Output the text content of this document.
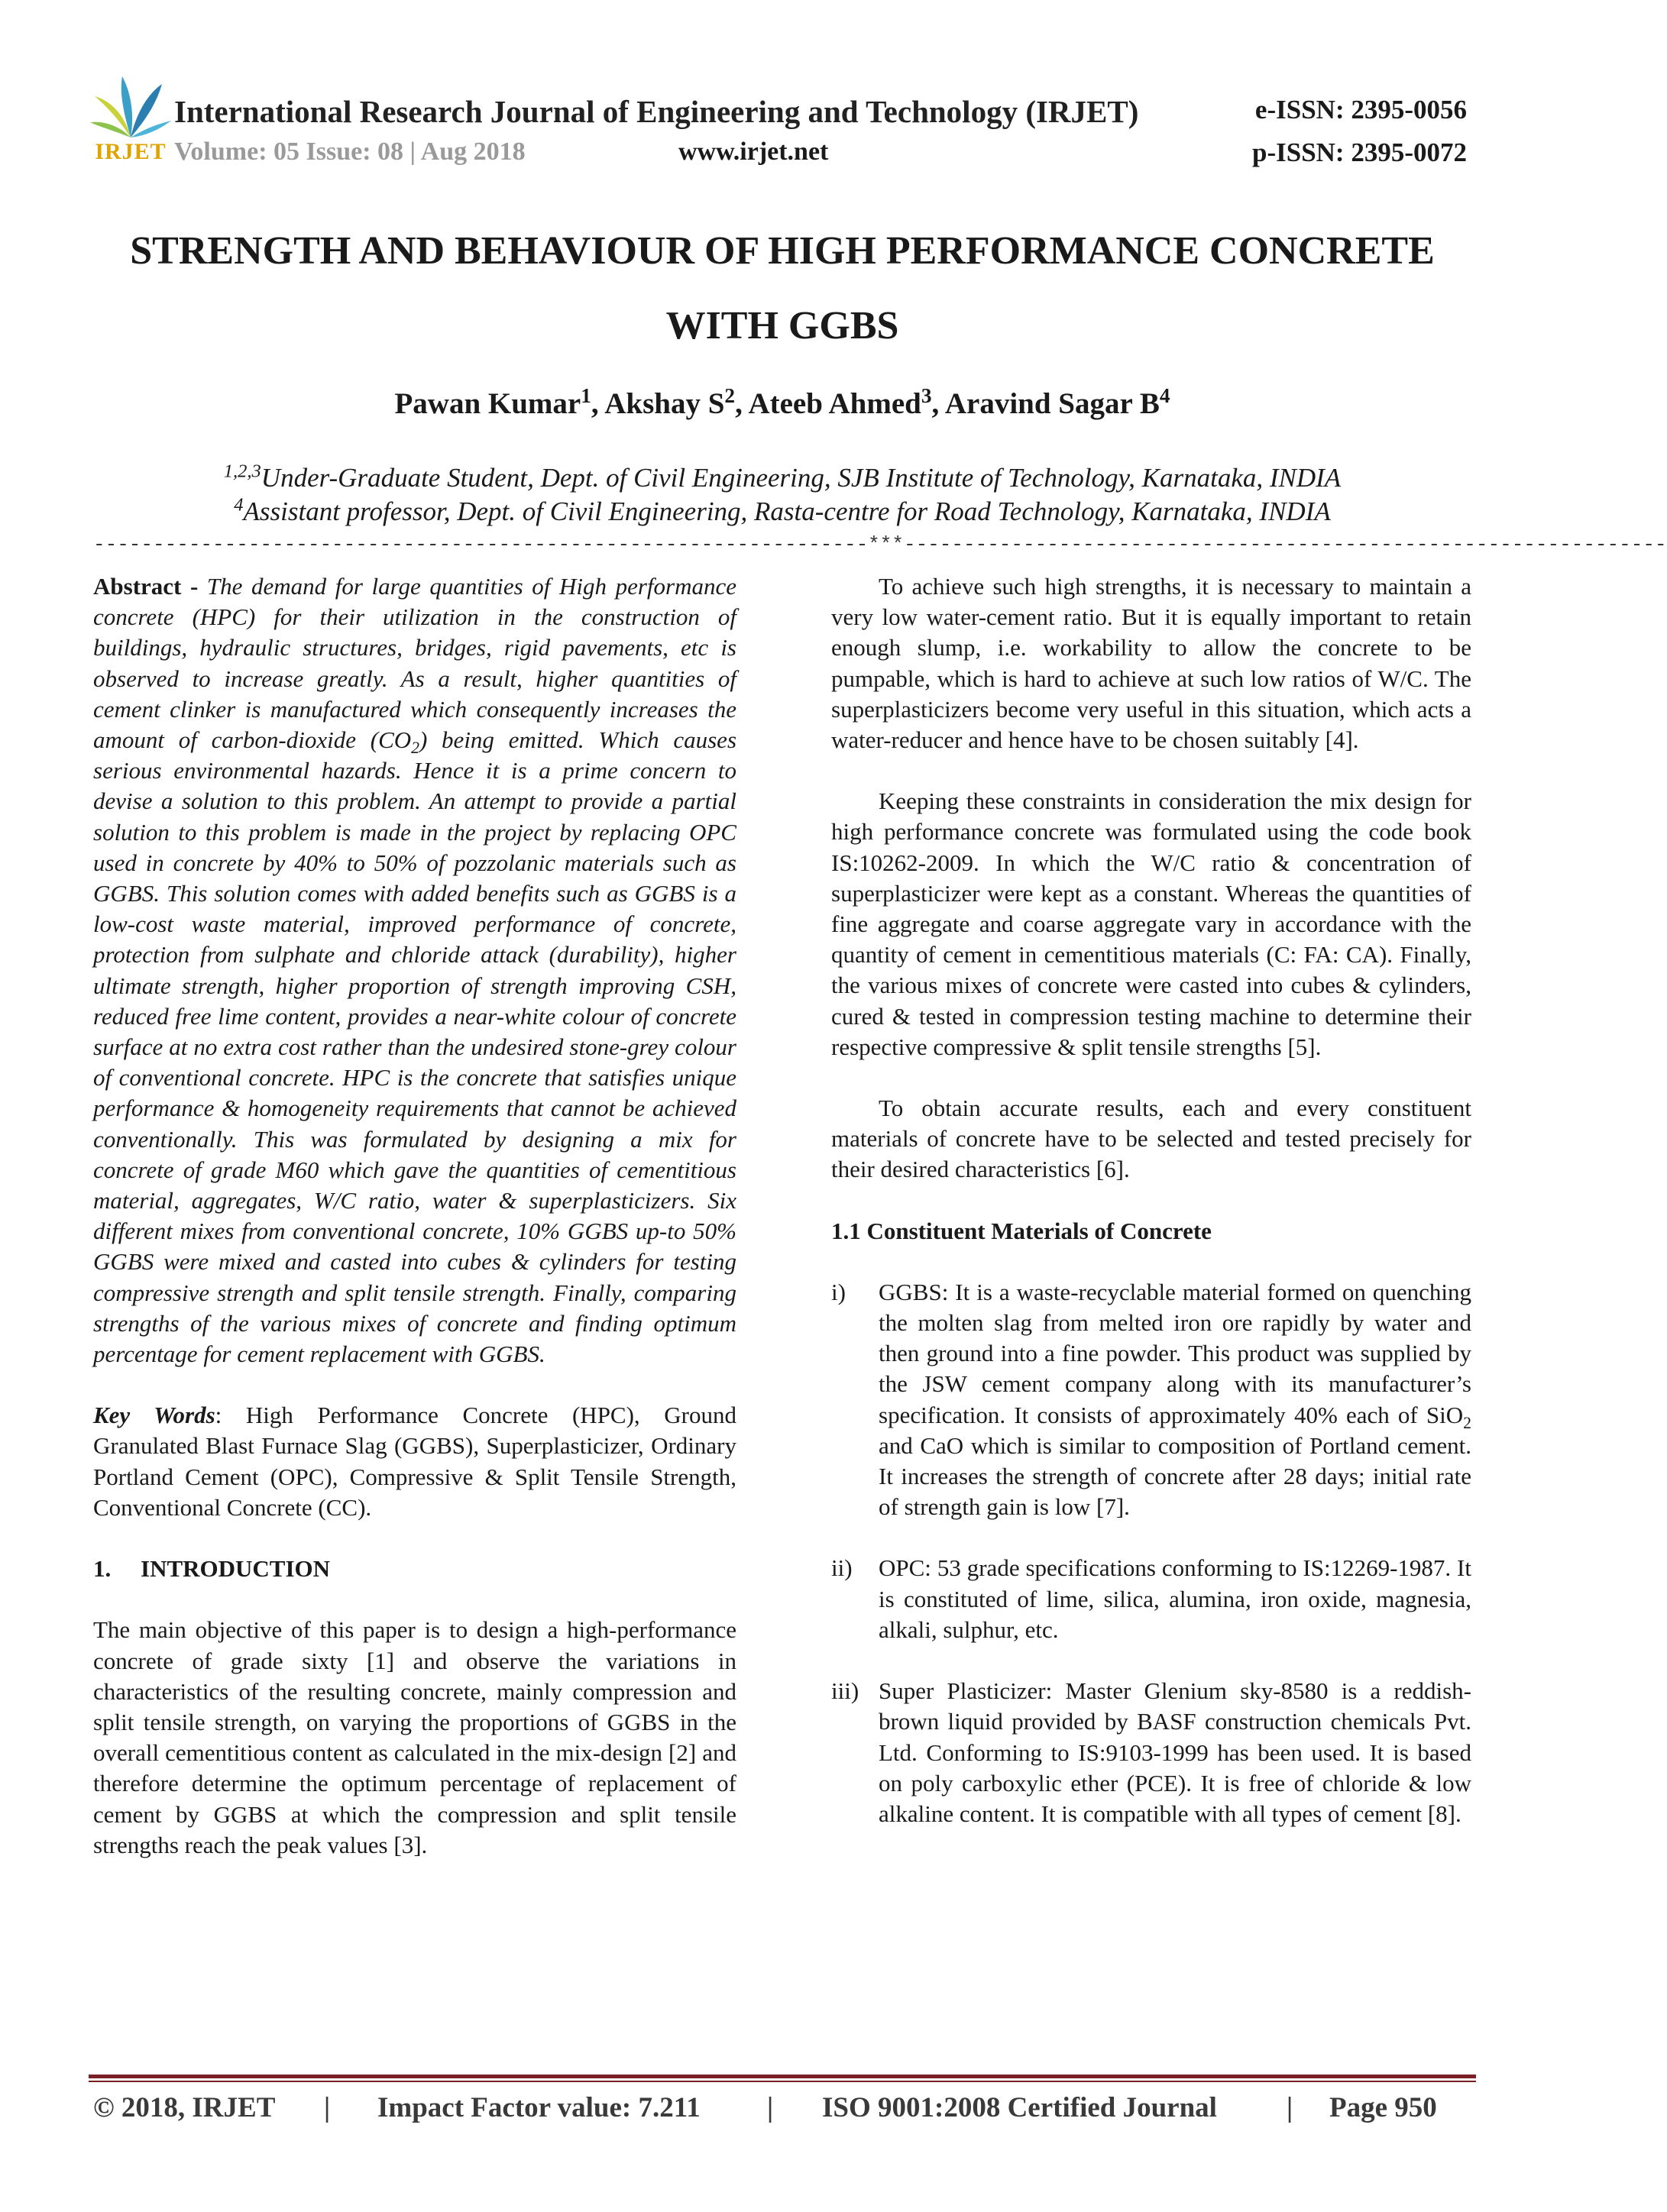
IRJET
International Research Journal of Engineering and Technology (IRJET)	e-ISSN: 2395-0056
Volume: 05 Issue: 08 | Aug 2018	www.irjet.net	p-ISSN: 2395-0072
STRENGTH AND BEHAVIOUR OF HIGH PERFORMANCE CONCRETE WITH GGBS
Pawan Kumar$^1$, Akshay $S^2$, Ateeb Ahmed$^3$, Aravind Sagar $B^4$
$^{1,2,3}$Under-Graduate Student, Dept. of Civil Engineering, SJB Institute of Technology, Karnataka, INDIA
$^4$Assistant professor, Dept. of Civil Engineering, Rasta-centre for Road Technology, Karnataka, INDIA
-----------------------------------------------------------------***----------------------------------------------------------------

Abstract - The demand for large quantities of High performance concrete (HPC) for their utilization in the construction of buildings, hydraulic structures, bridges, rigid pavements, etc is observed to increase greatly. As a result, higher quantities of cement clinker is manufactured which consequently increases the amount of carbon-dioxide $(CO_2)$ being emitted. Which causes serious environmental hazards. Hence it is a prime concern to devise a solution to this problem. An attempt to provide a partial solution to this problem is made in the project by replacing OPC used in concrete by 40% to 50% of pozzolanic materials such as GGBS. This solution comes with added benefits such as GGBS is a low-cost waste material, improved performance of concrete, protection from sulphate and chloride attack (durability), higher ultimate strength, higher proportion of strength improving CSH, reduced free lime content, provides a near-white colour of concrete surface at no extra cost rather than the undesired stone-grey colour of conventional concrete. HPC is the concrete that satisfies unique performance & homogeneity requirements that cannot be achieved conventionally. This was formulated by designing a mix for concrete of grade M60 which gave the quantities of cementitious material, aggregates, W/C ratio, water & superplasticizers. Six different mixes from conventional concrete, 10% GGBS up-to 50% GGBS were mixed and casted into cubes & cylinders for testing compressive strength and split tensile strength. Finally, comparing strengths of the various mixes of concrete and finding optimum percentage for cement replacement with GGBS.

Key Words: High Performance Concrete (HPC), Ground Granulated Blast Furnace Slag (GGBS), Superplasticizer, Ordinary Portland Cement (OPC), Compressive & Split Tensile Strength, Conventional Concrete (CC).

1. INTRODUCTION

The main objective of this paper is to design a high-performance concrete of grade sixty [1] and observe the variations in characteristics of the resulting concrete, mainly compression and split tensile strength, on varying the proportions of GGBS in the overall cementitious content as calculated in the mix-design [2] and therefore determine the optimum percentage of replacement of cement by GGBS at which the compression and split tensile strengths reach the peak values [3].

To achieve such high strengths, it is necessary to maintain a very low water-cement ratio. But it is equally important to retain enough slump, i.e. workability to allow the concrete to be pumpable, which is hard to achieve at such low ratios of W/C. The superplasticizers become very useful in this situation, which acts a water-reducer and hence have to be chosen suitably [4].

Keeping these constraints in consideration the mix design for high performance concrete was formulated using the code book IS:10262-2009. In which the W/C ratio & concentration of superplasticizer were kept as a constant. Whereas the quantities of fine aggregate and coarse aggregate vary in accordance with the quantity of cement in cementitious materials (C: FA: CA). Finally, the various mixes of concrete were casted into cubes & cylinders, cured & tested in compression testing machine to determine their respective compressive & split tensile strengths [5].

To obtain accurate results, each and every constituent materials of concrete have to be selected and tested precisely for their desired characteristics [6].

1.1 Constituent Materials of Concrete

i)	GGBS: It is a waste-recyclable material formed on quenching the molten slag from melted iron ore rapidly by water and then ground into a fine powder. This product was supplied by the JSW cement company along with its manufacturer’s specification. It consists of approximately 40% each of SiO$_2$ and CaO which is similar to composition of Portland cement. It increases the strength of concrete after 28 days; initial rate of strength gain is low [7].

ii)	OPC: 53 grade specifications conforming to IS:12269-1987. It is constituted of lime, silica, alumina, iron oxide, magnesia, alkali, sulphur, etc.

iii) Super Plasticizer: Master Glenium sky-8580 is a reddish-brown liquid provided by BASF construction chemicals Pvt. Ltd. Conforming to IS:9103-1999 has been used. It is based on poly carboxylic ether (PCE). It is free of chloride & low alkaline content. It is compatible with all types of cement [8].

© 2018, IRJET | Impact Factor value: 7.211 | ISO 9001:2008 Certified Journal | Page 950
